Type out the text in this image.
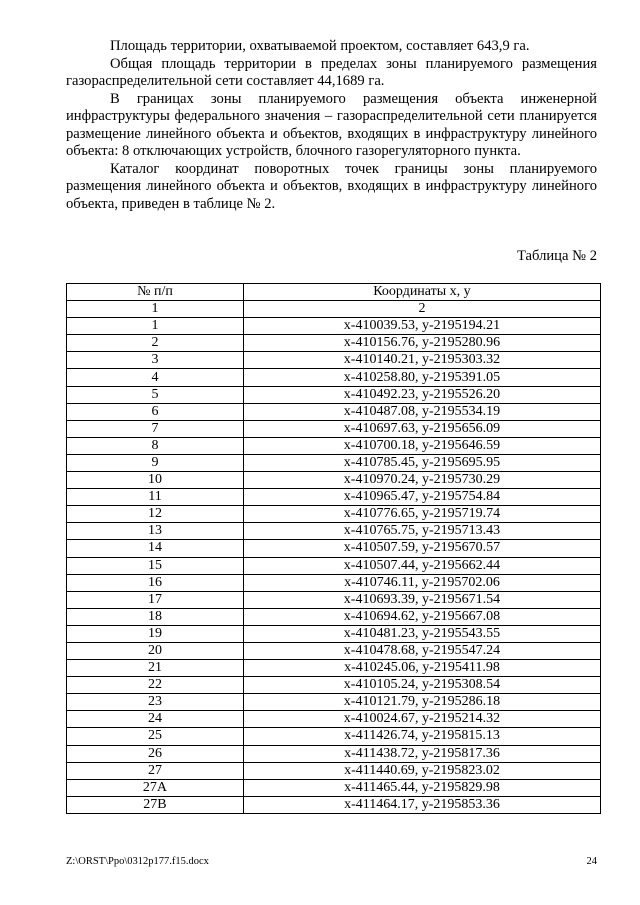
Площадь территории, охватываемой проектом, составляет 643,9 га.

Общая площадь территории в пределах зоны планируемого размещения газораспределительной сети составляет 44,1689 га.

В границах зоны планируемого размещения объекта инженерной инфраструктуры федерального значения – газораспределительной сети планируется размещение линейного объекта и объектов, входящих в инфраструктуру линейного объекта: 8 отключающих устройств, блочного газорегуляторного пункта.

Каталог координат поворотных точек границы зоны планируемого размещения линейного объекта и объектов, входящих в инфраструктуру линейного объекта, приведен в таблице № 2.

Таблица № 2
№ п/п	Координаты х, у
1	2
1	x-410039.53, y-2195194.21
2	x-410156.76, y-2195280.96
3	x-410140.21, y-2195303.32
4	x-410258.80, y-2195391.05
5	x-410492.23, y-2195526.20
6	x-410487.08, y-2195534.19
7	x-410697.63, y-2195656.09
8	x-410700.18, y-2195646.59
9	x-410785.45, y-2195695.95
10	x-410970.24, y-2195730.29
11	x-410965.47, y-2195754.84
12	x-410776.65, y-2195719.74
13	x-410765.75, y-2195713.43
14	x-410507.59, y-2195670.57
15	x-410507.44, y-2195662.44
16	x-410746.11, y-2195702.06
17	x-410693.39, y-2195671.54
18	x-410694.62, y-2195667.08
19	x-410481.23, y-2195543.55
20	x-410478.68, y-2195547.24
21	x-410245.06, y-2195411.98
22	x-410105.24, y-2195308.54
23	x-410121.79, y-2195286.18
24	x-410024.67, y-2195214.32
25	x-411426.74, y-2195815.13
26	x-411438.72, y-2195817.36
27	x-411440.69, y-2195823.02
27А	x-411465.44, y-2195829.98
27В	x-411464.17, y-2195853.36
Z:\ORST\Ppo\0312p177.f15.docx	24
